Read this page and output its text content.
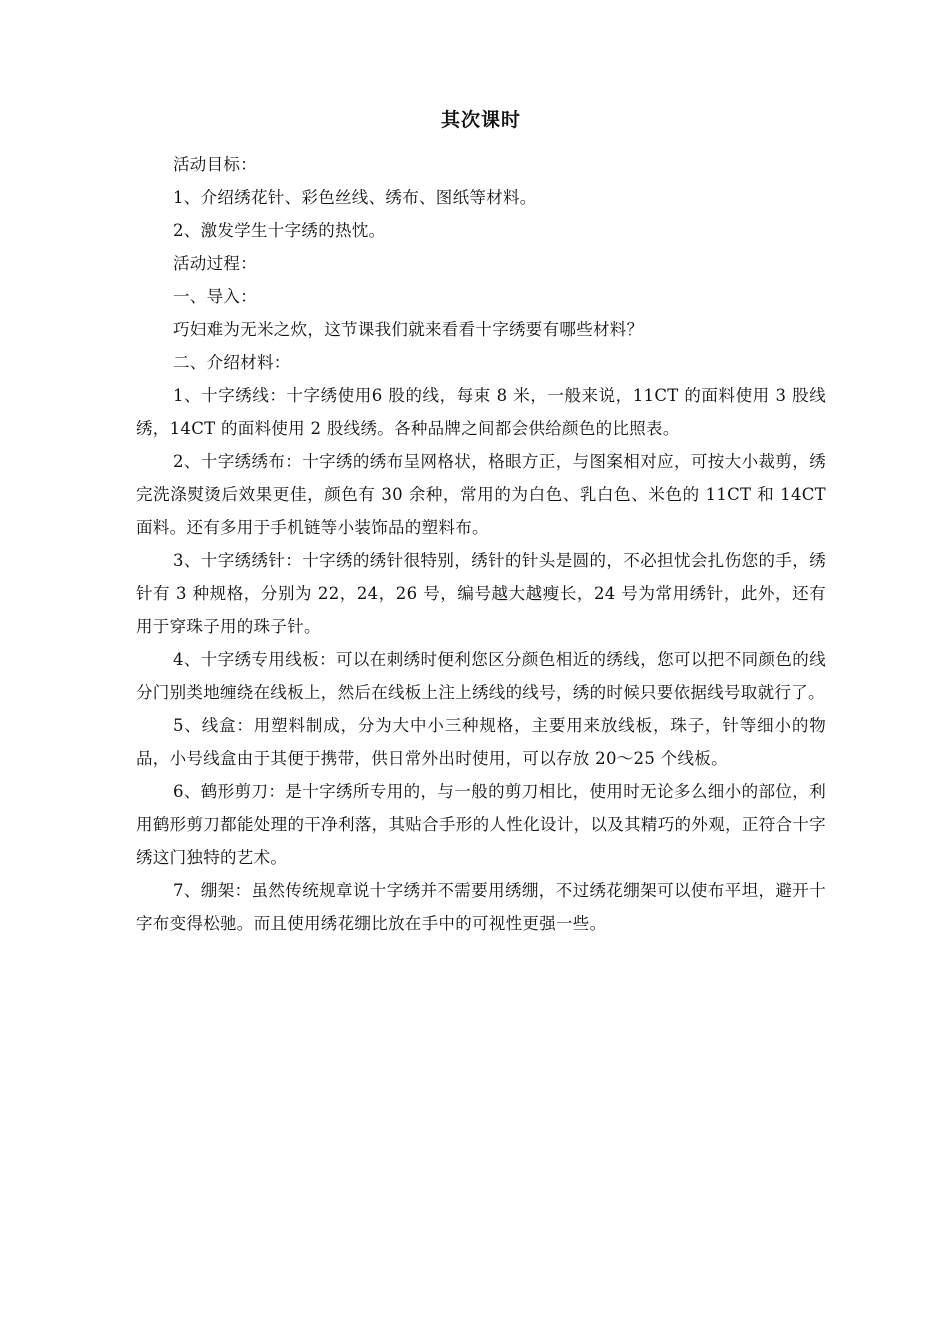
其次课时

活动目标：

1、介绍绣花针、彩色丝线、绣布、图纸等材料。

2、激发学生十字绣的热忱。

活动过程：

一、导入：

巧妇难为无米之炊，这节课我们就来看看十字绣要有哪些材料？

二、介绍材料：

1、十字绣线：十字绣使用6 股的线，每束 8 米，一般来说，11CT 的面料使用 3 股线绣，14CT 的面料使用 2 股线绣。各种品牌之间都会供给颜色的比照表。

2、十字绣绣布：十字绣的绣布呈网格状，格眼方正，与图案相对应，可按大小裁剪，绣完洗涤熨烫后效果更佳，颜色有 30 余种，常用的为白色、乳白色、米色的 11CT 和 14CT 面料。还有多用于手机链等小装饰品的塑料布。

3、十字绣绣针：十字绣的绣针很特别，绣针的针头是圆的，不必担忧会扎伤您的手，绣针有 3 种规格，分别为 22，24，26 号，编号越大越瘦长，24 号为常用绣针，此外，还有用于穿珠子用的珠子针。

4、十字绣专用线板：可以在刺绣时便利您区分颜色相近的绣线，您可以把不同颜色的线分门别类地缠绕在线板上，然后在线板上注上绣线的线号，绣的时候只要依据线号取就行了。

5、线盒：用塑料制成，分为大中小三种规格，主要用来放线板，珠子，针等细小的物品，小号线盒由于其便于携带，供日常外出时使用，可以存放 20～25 个线板。

6、鹤形剪刀：是十字绣所专用的，与一般的剪刀相比，使用时无论多么细小的部位，利用鹤形剪刀都能处理的干净利落，其贴合手形的人性化设计，以及其精巧的外观，正符合十字绣这门独特的艺术。

7、绷架：虽然传统规章说十字绣并不需要用绣绷，不过绣花绷架可以使布平坦，避开十字布变得松驰。而且使用绣花绷比放在手中的可视性更强一些。
